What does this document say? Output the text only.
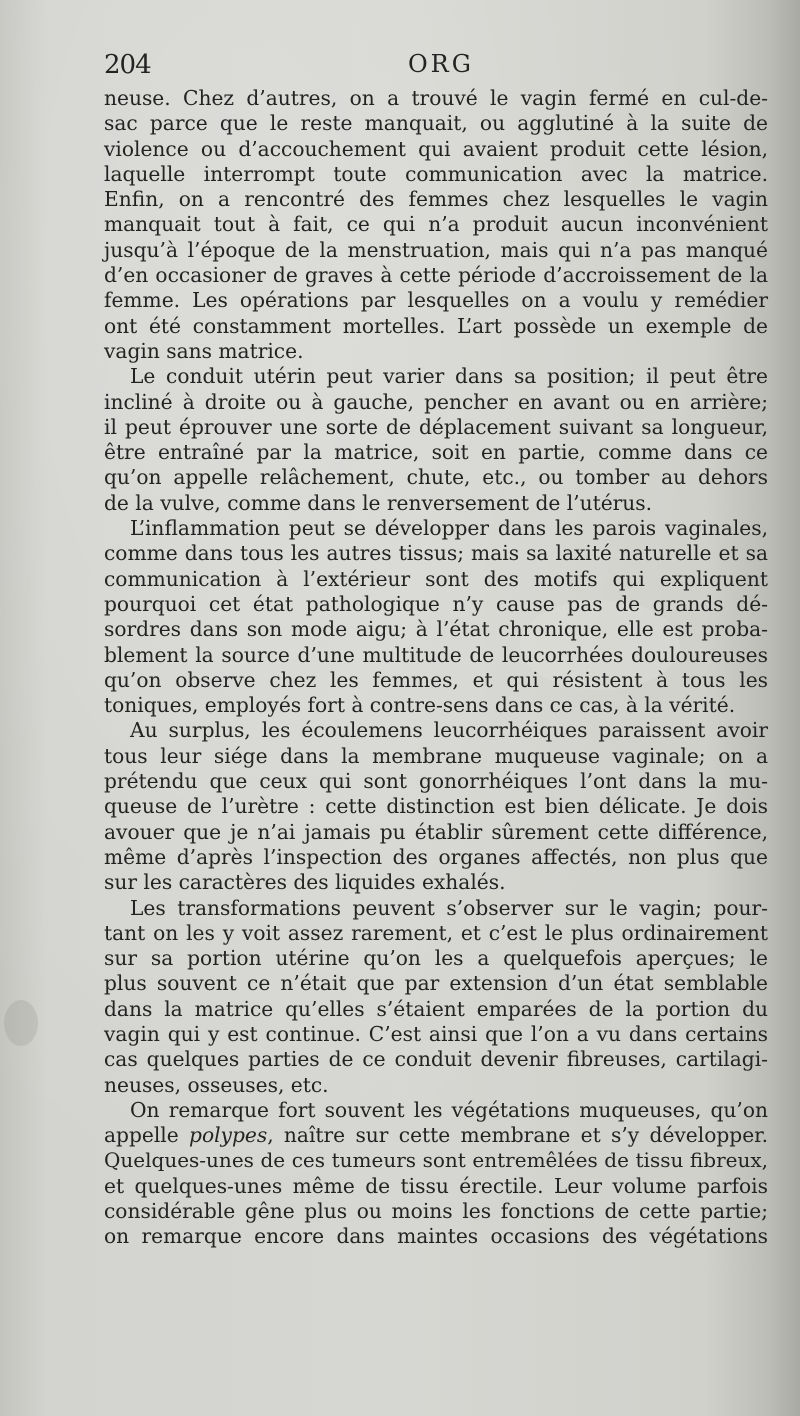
204	ORG
neuse. Chez d’autres, on a trouvé le vagin fermé en cul-de-
sac parce que le reste manquait, ou agglutiné à la suite de
violence ou d’accouchement qui avaient produit cette lésion,
laquelle interrompt toute communication avec la matrice.
Enfin, on a rencontré des femmes chez lesquelles le vagin
manquait tout à fait, ce qui n’a produit aucun inconvénient
jusqu’à l’époque de la menstruation, mais qui n’a pas manqué
d’en occasioner de graves à cette période d’accroissement de la
femme. Les opérations par lesquelles on a voulu y remédier
ont été constamment mortelles. L’art possède un exemple de
vagin sans matrice.
Le conduit utérin peut varier dans sa position; il peut être
incliné à droite ou à gauche, pencher en avant ou en arrière;
il peut éprouver une sorte de déplacement suivant sa longueur,
être entraîné par la matrice, soit en partie, comme dans ce
qu’on appelle relâchement, chute, etc., ou tomber au dehors
de la vulve, comme dans le renversement de l’utérus.
L’inflammation peut se développer dans les parois vaginales,
comme dans tous les autres tissus; mais sa laxité naturelle et sa
communication à l’extérieur sont des motifs qui expliquent
pourquoi cet état pathologique n’y cause pas de grands dé-
sordres dans son mode aigu; à l’état chronique, elle est proba-
blement la source d’une multitude de leucorrhées douloureuses
qu’on observe chez les femmes, et qui résistent à tous les
toniques, employés fort à contre-sens dans ce cas, à la vérité.
Au surplus, les écoulemens leucorrhéiques paraissent avoir
tous leur siége dans la membrane muqueuse vaginale; on a
prétendu que ceux qui sont gonorrhéiques l’ont dans la mu-
queuse de l’urètre : cette distinction est bien délicate. Je dois
avouer que je n’ai jamais pu établir sûrement cette différence,
même d’après l’inspection des organes affectés, non plus que
sur les caractères des liquides exhalés.
Les transformations peuvent s’observer sur le vagin; pour-
tant on les y voit assez rarement, et c’est le plus ordinairement
sur sa portion utérine qu’on les a quelquefois aperçues; le
plus souvent ce n’était que par extension d’un état semblable
dans la matrice qu’elles s’étaient emparées de la portion du
vagin qui y est continue. C’est ainsi que l’on a vu dans certains
cas quelques parties de ce conduit devenir fibreuses, cartilagi-
neuses, osseuses, etc.
On remarque fort souvent les végétations muqueuses, qu’on
appelle polypes, naître sur cette membrane et s’y développer.
Quelques-unes de ces tumeurs sont entremêlées de tissu fibreux,
et quelques-unes même de tissu érectile. Leur volume parfois
considérable gêne plus ou moins les fonctions de cette partie;
on remarque encore dans maintes occasions des végétations
